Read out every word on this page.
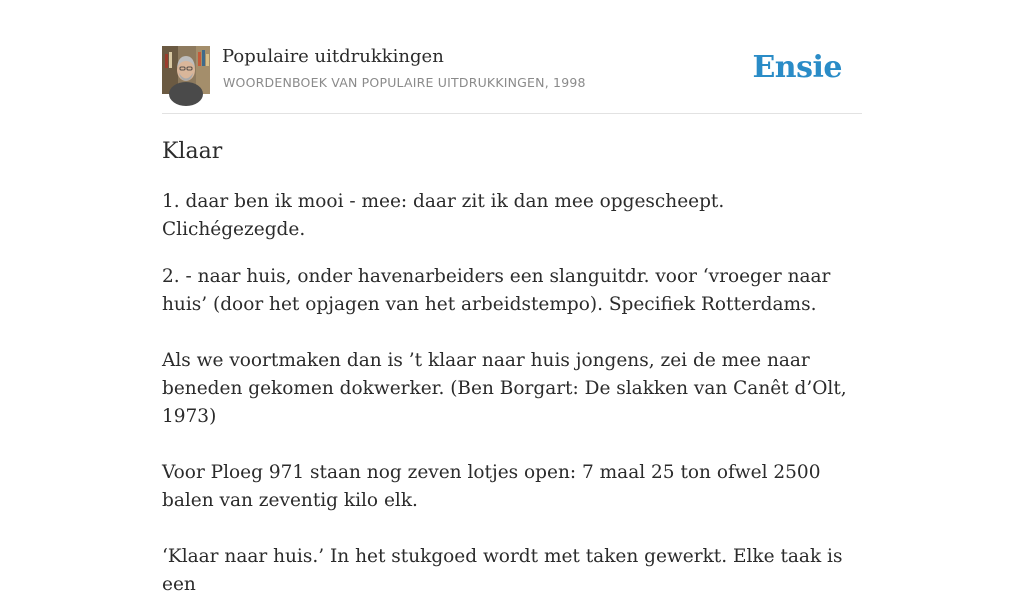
Populaire uitdrukkingen
WOORDENBOEK VAN POPULAIRE UITDRUKKINGEN, 1998	Ensie
Klaar

1. daar ben ik mooi - mee: daar zit ik dan mee opgescheept. Clichégezegde.

2. - naar huis, onder havenarbeiders een slanguitdr. voor ‘vroeger naar huis’ (door het opjagen van het arbeidstempo). Specifiek Rotterdams.

Als we voortmaken dan is ’t klaar naar huis jongens, zei de mee naar beneden gekomen dokwerker. (Ben Borgart: De slakken van Canêt d’Olt, 1973)

Voor Ploeg 971 staan nog zeven lotjes open: 7 maal 25 ton ofwel 2500 balen van zeventig kilo elk.

‘Klaar naar huis.’ In het stukgoed wordt met taken gewerkt. Elke taak is een
